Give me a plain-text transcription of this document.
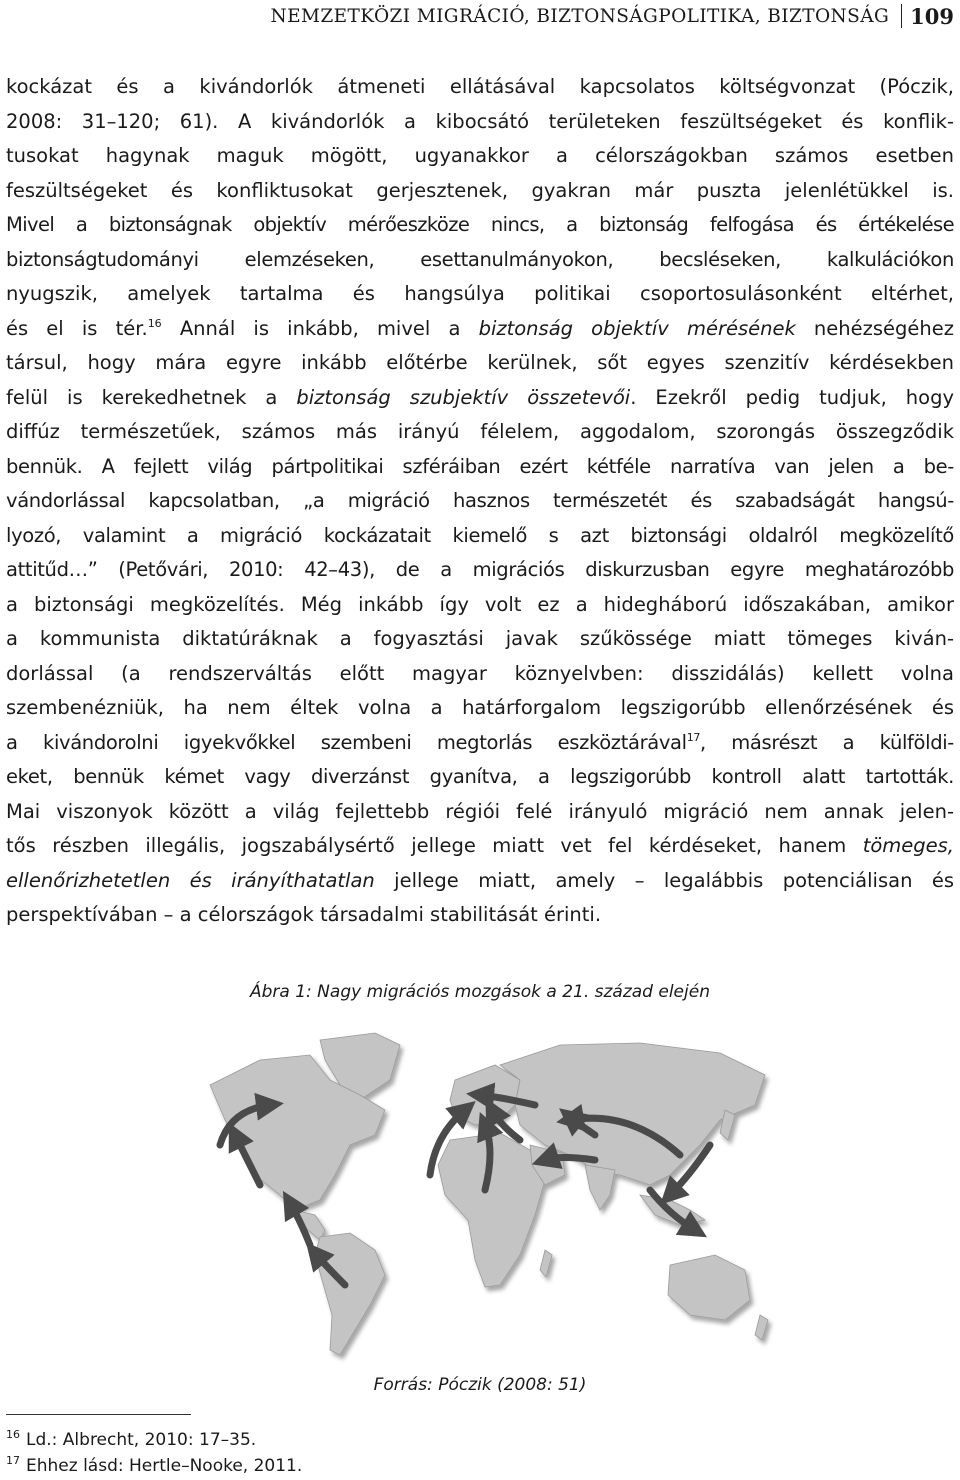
NEMZETKÖZI MIGRÁCIÓ, BIZTONSÁGPOLITIKA, BIZTONSÁG 109
kockázat és a kivándorlók átmeneti ellátásával kapcsolatos költségvonzat (Póczik,
2008: 31–120; 61). A kivándorlók a kibocsátó területeken feszültségeket és konflik-
tusokat hagynak maguk mögött, ugyanakkor a célországokban számos esetben
feszültségeket és konfliktusokat gerjesztenek, gyakran már puszta jelenlétükkel is.
Mivel a biztonságnak objektív mérőeszköze nincs, a biztonság felfogása és értékelése
biztonságtudományi elemzéseken, esettanulmányokon, becsléseken, kalkulációkon
nyugszik, amelyek tartalma és hangsúlya politikai csoportosulásonként eltérhet,
és el is tér.$^{16}$ Annál is inkább, mivel a biztonság objektív mérésének nehézségéhez
társul, hogy mára egyre inkább előtérbe kerülnek, sőt egyes szenzitív kérdésekben
felül is kerekedhetnek a biztonság szubjektív összetevői. Ezekről pedig tudjuk, hogy
diffúz természetűek, számos más irányú félelem, aggodalom, szorongás összegződik
bennük. A fejlett világ pártpolitikai szféráiban ezért kétféle narratíva van jelen a be-
vándorlással kapcsolatban, „a migráció hasznos természetét és szabadságát hangsú-
lyozó, valamint a migráció kockázatait kiemelő s azt biztonsági oldalról megközelítő
attitűd…” (Petővári, 2010: 42–43), de a migrációs diskurzusban egyre meghatározóbb
a biztonsági megközelítés. Még inkább így volt ez a hidegháború időszakában, amikor
a kommunista diktatúráknak a fogyasztási javak szűkössége miatt tömeges kiván-
dorlással (a rendszerváltás előtt magyar köznyelvben: disszidálás) kellett volna
szembenézniük, ha nem éltek volna a határforgalom legszigorúbb ellenőrzésének és
a kivándorolni igyekvőkkel szembeni megtorlás eszköztárával$^{17}$, másrészt a külföldi-
eket, bennük kémet vagy diverzánst gyanítva, a legszigorúbb kontroll alatt tartották.
Mai viszonyok között a világ fejlettebb régiói felé irányuló migráció nem annak jelen-
tős részben illegális, jogszabálysértő jellege miatt vet fel kérdéseket, hanem tömeges,
ellenőrizhetetlen és irányíthatatlan jellege miatt, amely – legalábbis potenciálisan és
perspektívában – a célországok társadalmi stabilitását érinti.
Ábra 1: Nagy migrációs mozgások a 21. század elején
Forrás: Póczik (2008: 51)
$^{16}$ Ld.: Albrecht, 2010: 17–35.
$^{17}$ Ehhez lásd: Hertle–Nooke, 2011.
